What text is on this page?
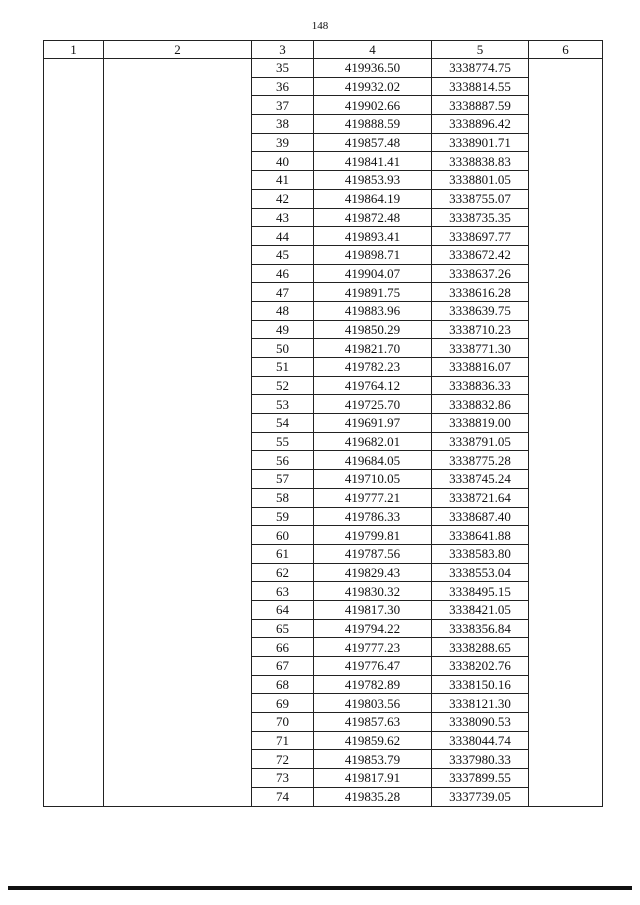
148
1	2	3	4	5	6
		35	419936.50	3338774.75	
		36	419932.02	3338814.55	
		37	419902.66	3338887.59	
		38	419888.59	3338896.42	
		39	419857.48	3338901.71	
		40	419841.41	3338838.83	
		41	419853.93	3338801.05	
		42	419864.19	3338755.07	
		43	419872.48	3338735.35	
		44	419893.41	3338697.77	
		45	419898.71	3338672.42	
		46	419904.07	3338637.26	
		47	419891.75	3338616.28	
		48	419883.96	3338639.75	
		49	419850.29	3338710.23	
		50	419821.70	3338771.30	
		51	419782.23	3338816.07	
		52	419764.12	3338836.33	
		53	419725.70	3338832.86	
		54	419691.97	3338819.00	
		55	419682.01	3338791.05	
		56	419684.05	3338775.28	
		57	419710.05	3338745.24	
		58	419777.21	3338721.64	
		59	419786.33	3338687.40	
		60	419799.81	3338641.88	
		61	419787.56	3338583.80	
		62	419829.43	3338553.04	
		63	419830.32	3338495.15	
		64	419817.30	3338421.05	
		65	419794.22	3338356.84	
		66	419777.23	3338288.65	
		67	419776.47	3338202.76	
		68	419782.89	3338150.16	
		69	419803.56	3338121.30	
		70	419857.63	3338090.53	
		71	419859.62	3338044.74	
		72	419853.79	3337980.33	
		73	419817.91	3337899.55	
		74	419835.28	3337739.05	
